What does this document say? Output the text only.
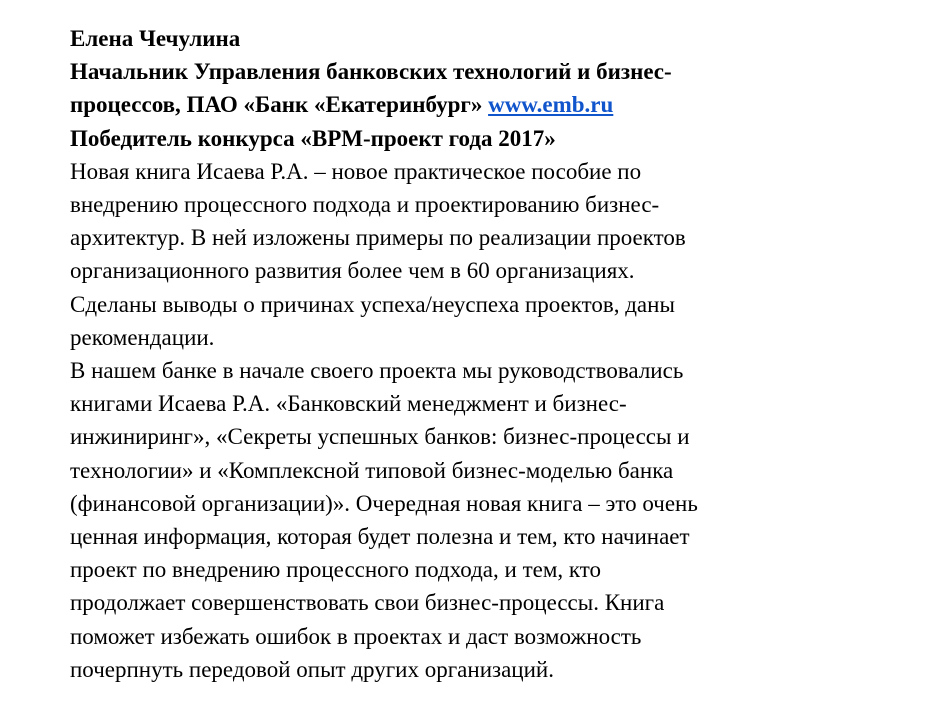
Елена Чечулина
Начальник Управления банковских технологий и бизнес-
процессов, ПАО «Банк «Екатеринбург» www.emb.ru
Победитель конкурса «BPM-проект года 2017»
Новая книга Исаева Р.А. – новое практическое пособие по
внедрению процессного подхода и проектированию бизнес-
архитектур. В ней изложены примеры по реализации проектов
организационного развития более чем в 60 организациях.
Сделаны выводы о причинах успеха/неуспеха проектов, даны
рекомендации.
В нашем банке в начале своего проекта мы руководствовались
книгами Исаева Р.А. «Банковский менеджмент и бизнес-
инжиниринг», «Секреты успешных банков: бизнес-процессы и
технологии» и «Комплексной типовой бизнес-моделью банка
(финансовой организации)». Очередная новая книга – это очень
ценная информация, которая будет полезна и тем, кто начинает
проект по внедрению процессного подхода, и тем, кто
продолжает совершенствовать свои бизнес-процессы. Книга
поможет избежать ошибок в проектах и даст возможность
почерпнуть передовой опыт других организаций.
